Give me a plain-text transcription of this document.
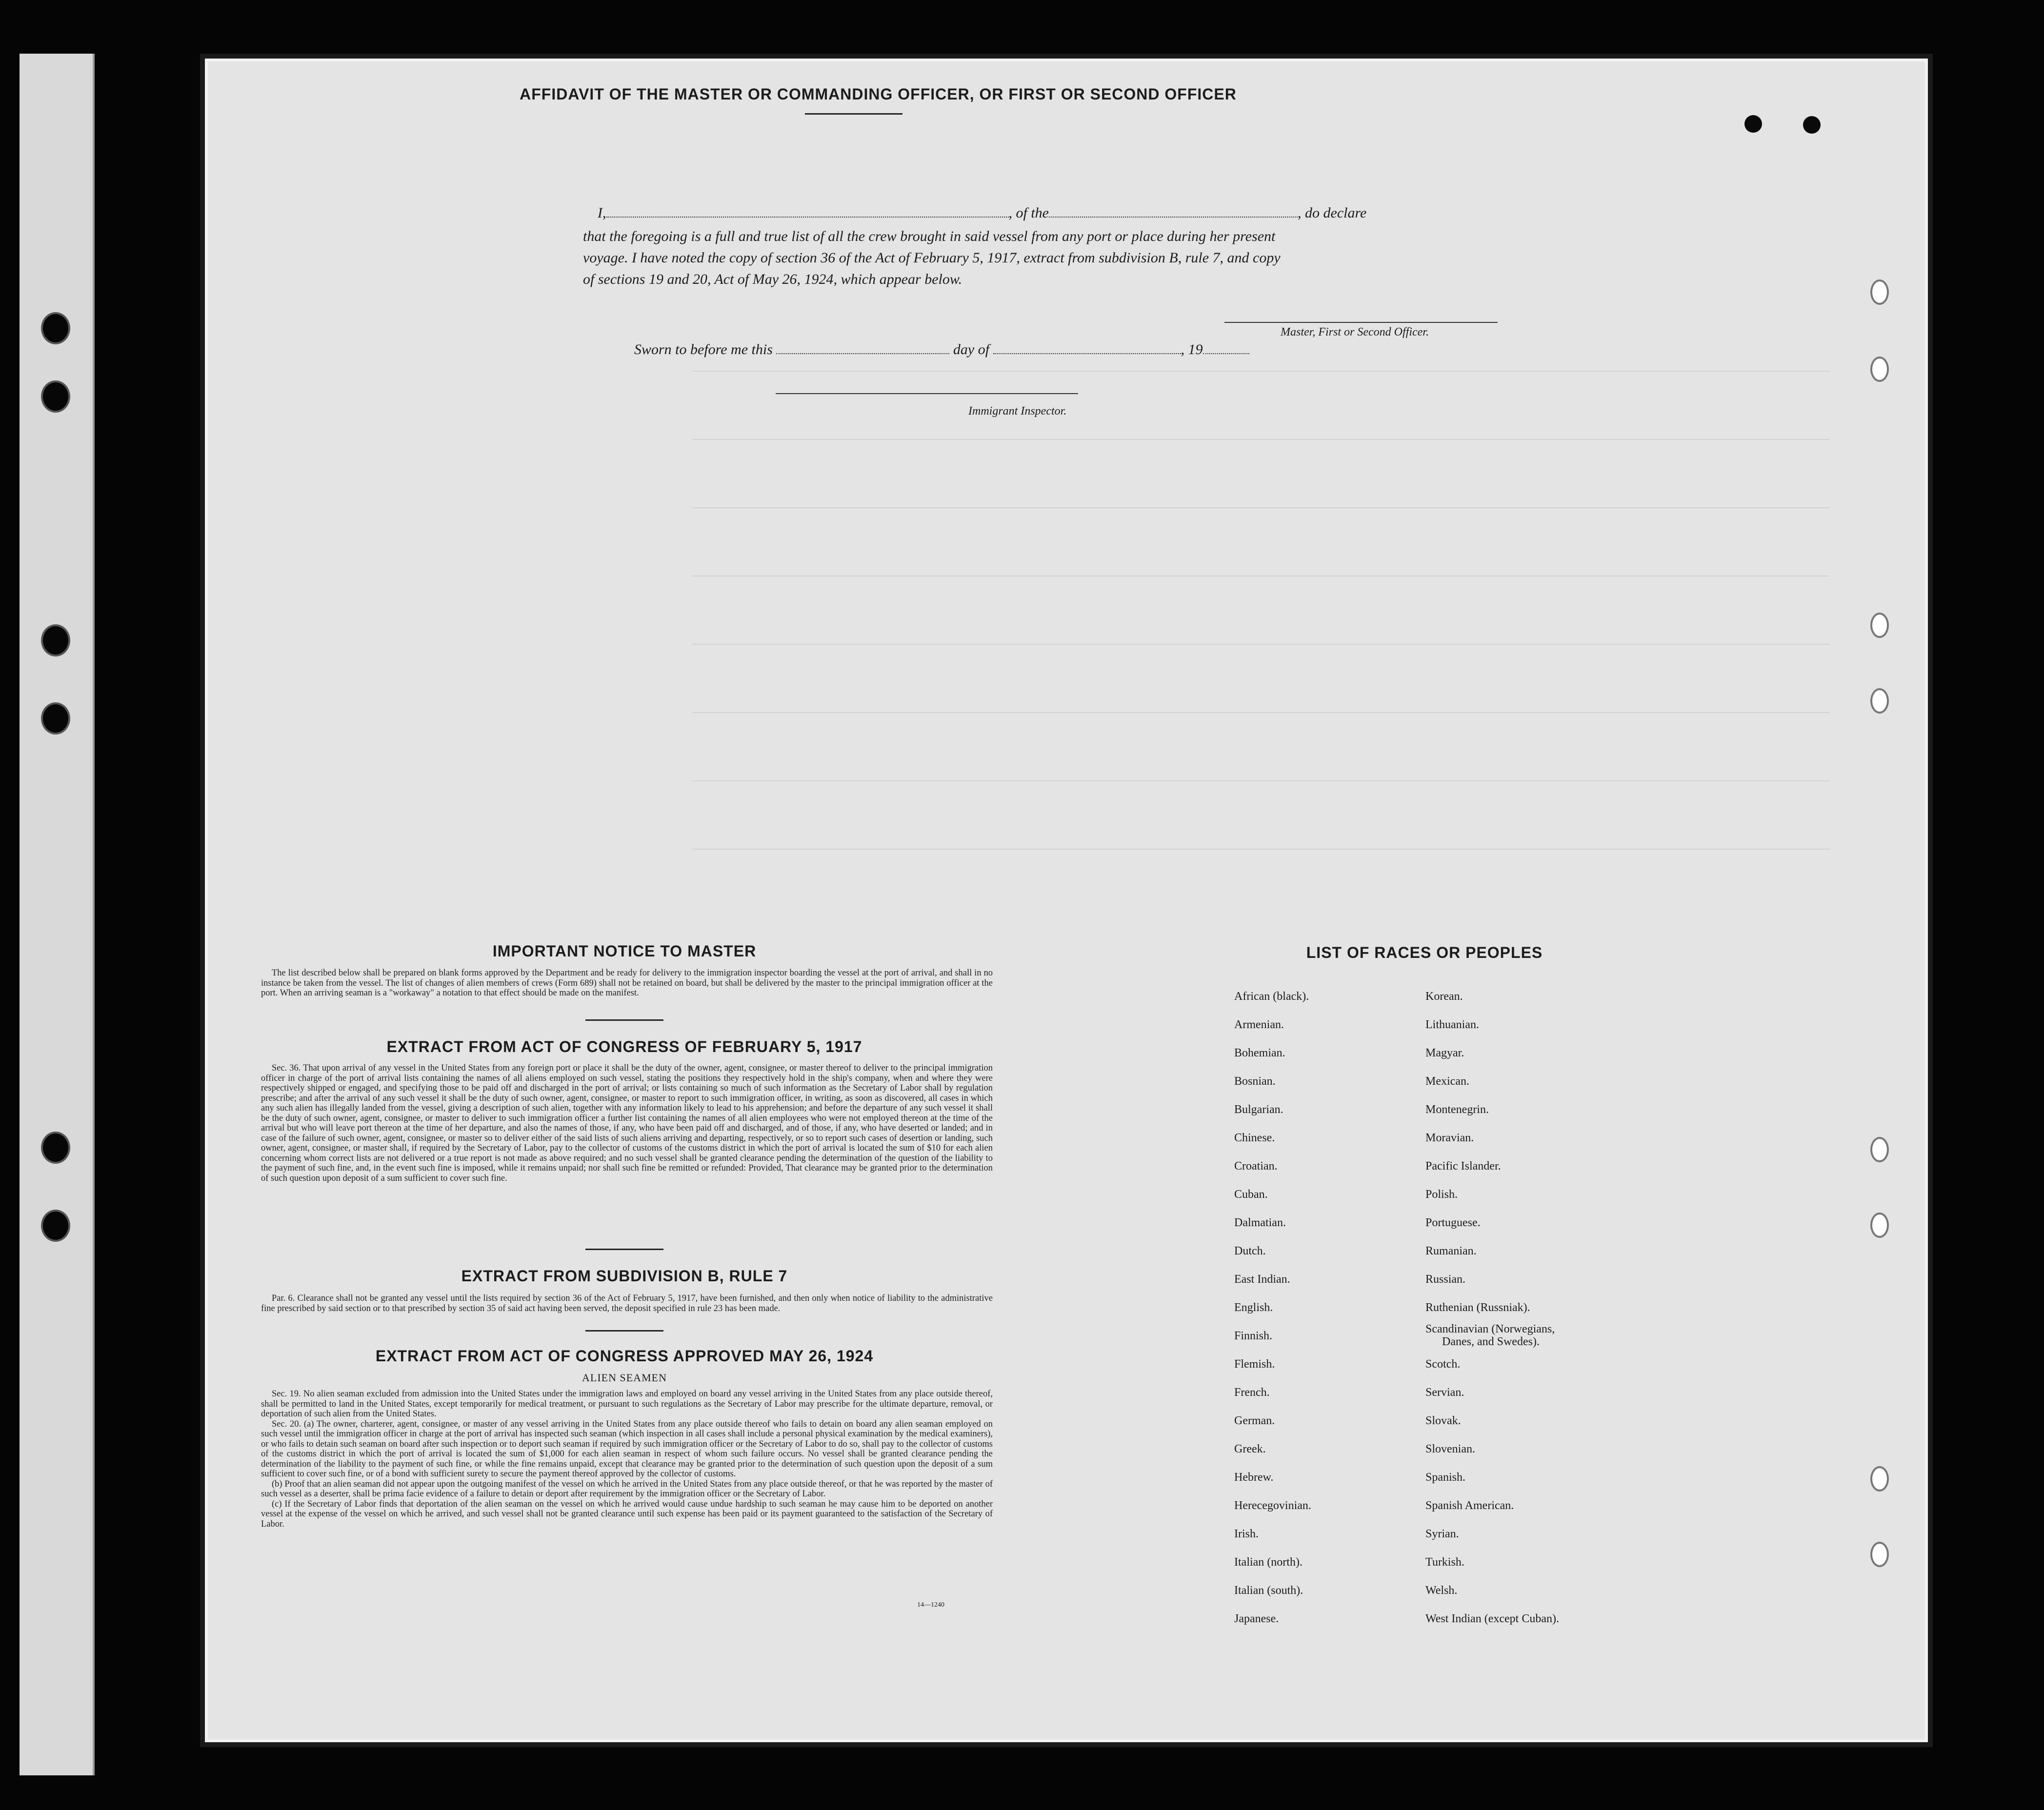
AFFIDAVIT OF THE MASTER OR COMMANDING OFFICER, OR FIRST OR SECOND OFFICER
I,	, of the	, do declare
that the foregoing is a full and true list of all the crew brought in said vessel from any port or place during her present
voyage. I have noted the copy of section 36 of the Act of February 5, 1917, extract from subdivision B, rule 7, and copy
of sections 19 and 20, Act of May 26, 1924, which appear below.
Master, First or Second Officer.
Sworn to before me this	day of	, 19
Immigrant Inspector.
IMPORTANT NOTICE TO MASTER

The list described below shall be prepared on blank forms approved by the Department and be ready for delivery to the immigration inspector boarding the vessel at the port of arrival, and shall in no instance be taken from the vessel. The list of changes of alien members of crews (Form 689) shall not be retained on board, but shall be delivered by the master to the principal immigration officer at the port. When an arriving seaman is a "workaway" a notation to that effect should be made on the manifest.

EXTRACT FROM ACT OF CONGRESS OF FEBRUARY 5, 1917

Sec. 36. That upon arrival of any vessel in the United States from any foreign port or place it shall be the duty of the owner, agent, consignee, or master thereof to deliver to the principal immigration officer in charge of the port of arrival lists containing the names of all aliens employed on such vessel, stating the positions they respectively hold in the ship's company, when and where they were respectively shipped or engaged, and specifying those to be paid off and discharged in the port of arrival; or lists containing so much of such information as the Secretary of Labor shall by regulation prescribe; and after the arrival of any such vessel it shall be the duty of such owner, agent, consignee, or master to report to such immigration officer, in writing, as soon as discovered, all cases in which any such alien has illegally landed from the vessel, giving a description of such alien, together with any information likely to lead to his apprehension; and before the departure of any such vessel it shall be the duty of such owner, agent, consignee, or master to deliver to such immigration officer a further list containing the names of all alien employees who were not employed thereon at the time of the arrival but who will leave port thereon at the time of her departure, and also the names of those, if any, who have been paid off and discharged, and of those, if any, who have deserted or landed; and in case of the failure of such owner, agent, consignee, or master so to deliver either of the said lists of such aliens arriving and departing, respectively, or so to report such cases of desertion or landing, such owner, agent, consignee, or master shall, if required by the Secretary of Labor, pay to the collector of customs of the customs district in which the port of arrival is located the sum of $10 for each alien concerning whom correct lists are not delivered or a true report is not made as above required; and no such vessel shall be granted clearance pending the determination of the question of the liability to the payment of such fine, and, in the event such fine is imposed, while it remains unpaid; nor shall such fine be remitted or refunded: Provided, That clearance may be granted prior to the determination of such question upon deposit of a sum sufficient to cover such fine.

EXTRACT FROM SUBDIVISION B, RULE 7

Par. 6. Clearance shall not be granted any vessel until the lists required by section 36 of the Act of February 5, 1917, have been furnished, and then only when notice of liability to the administrative fine prescribed by said section or to that prescribed by section 35 of said act having been served, the deposit specified in rule 23 has been made.

EXTRACT FROM ACT OF CONGRESS APPROVED MAY 26, 1924
ALIEN SEAMEN

Sec. 19. No alien seaman excluded from admission into the United States under the immigration laws and employed on board any vessel arriving in the United States from any place outside thereof, shall be permitted to land in the United States, except temporarily for medical treatment, or pursuant to such regulations as the Secretary of Labor may prescribe for the ultimate departure, removal, or deportation of such alien from the United States.

Sec. 20. (a) The owner, charterer, agent, consignee, or master of any vessel arriving in the United States from any place outside thereof who fails to detain on board any alien seaman employed on such vessel until the immigration officer in charge at the port of arrival has inspected such seaman (which inspection in all cases shall include a personal physical examination by the medical examiners), or who fails to detain such seaman on board after such inspection or to deport such seaman if required by such immigration officer or the Secretary of Labor to do so, shall pay to the collector of customs of the customs district in which the port of arrival is located the sum of $1,000 for each alien seaman in respect of whom such failure occurs. No vessel shall be granted clearance pending the determination of the liability to the payment of such fine, or while the fine remains unpaid, except that clearance may be granted prior to the determination of such question upon the deposit of a sum sufficient to cover such fine, or of a bond with sufficient surety to secure the payment thereof approved by the collector of customs.

(b) Proof that an alien seaman did not appear upon the outgoing manifest of the vessel on which he arrived in the United States from any place outside thereof, or that he was reported by the master of such vessel as a deserter, shall be prima facie evidence of a failure to detain or deport after requirement by the immigration officer or the Secretary of Labor.

(c) If the Secretary of Labor finds that deportation of the alien seaman on the vessel on which he arrived would cause undue hardship to such seaman he may cause him to be deported on another vessel at the expense of the vessel on which he arrived, and such vessel shall not be granted clearance until such expense has been paid or its payment guaranteed to the satisfaction of the Secretary of Labor.

14—1240
LIST OF RACES OR PEOPLES
African (black).
Armenian.
Bohemian.
Bosnian.
Bulgarian.
Chinese.
Croatian.
Cuban.
Dalmatian.
Dutch.
East Indian.
English.
Finnish.
Flemish.
French.
German.
Greek.
Hebrew.
Herecegovinian.
Irish.
Italian (north).
Italian (south).
Japanese.
Korean.
Lithuanian.
Magyar.
Mexican.
Montenegrin.
Moravian.
Pacific Islander.
Polish.
Portuguese.
Rumanian.
Russian.
Ruthenian (Russniak).
Scandinavian (Norwegians,
Danes, and Swedes).
Scotch.
Servian.
Slovak.
Slovenian.
Spanish.
Spanish American.
Syrian.
Turkish.
Welsh.
West Indian (except Cuban).
